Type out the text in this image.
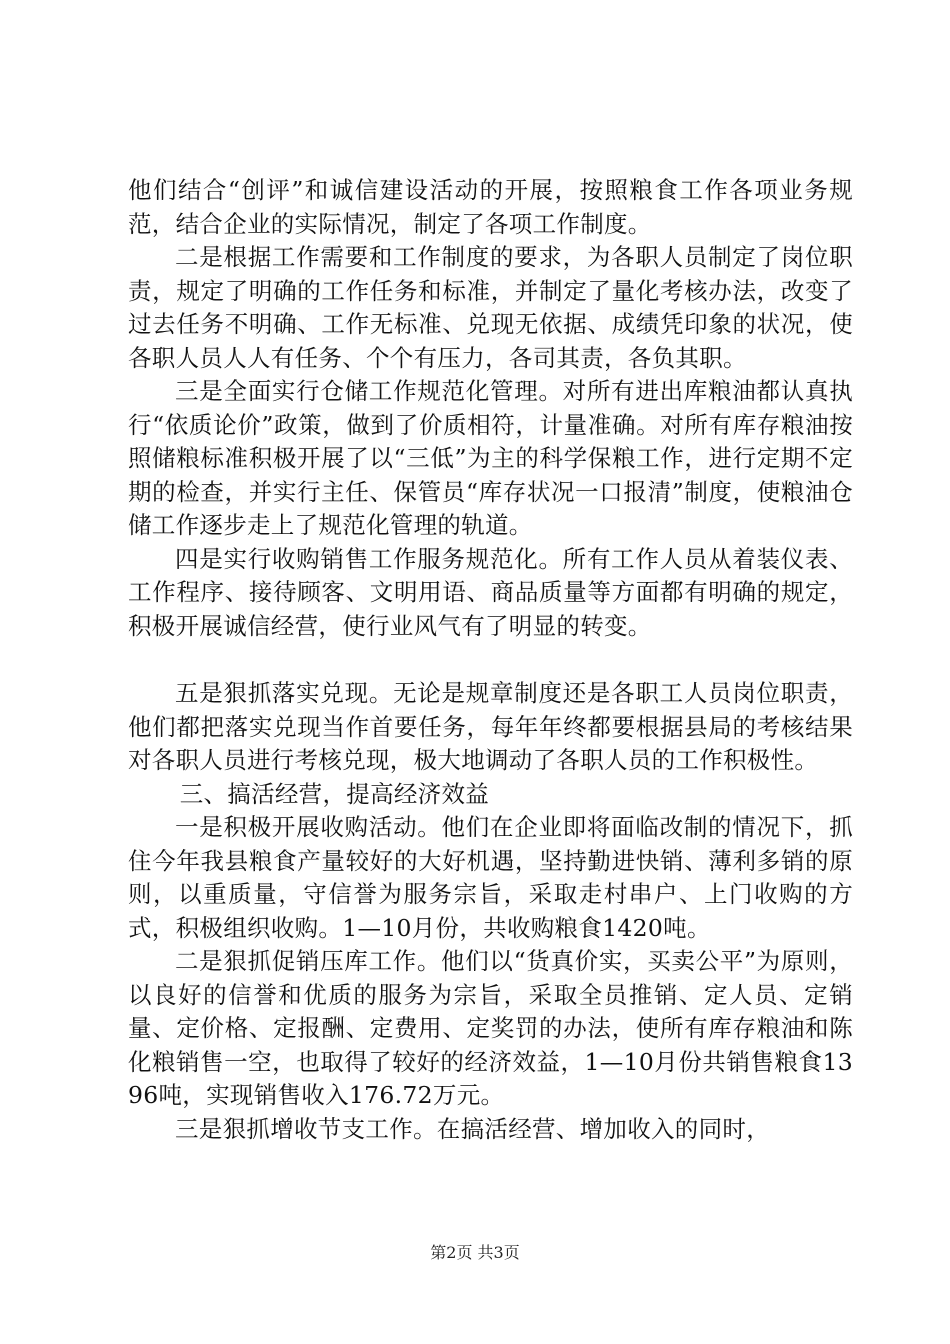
他们结合“创评”和诚信建设活动的开展，按照粮食工作各项业务规范，结合企业的实际情况，制定了各项工作制度。

二是根据工作需要和工作制度的要求，为各职人员制定了岗位职责，规定了明确的工作任务和标准，并制定了量化考核办法，改变了过去任务不明确、工作无标准、兑现无依据、成绩凭印象的状况，使各职人员人人有任务、个个有压力，各司其责，各负其职。

三是全面实行仓储工作规范化管理。对所有进出库粮油都认真执行“依质论价”政策，做到了价质相符，计量准确。对所有库存粮油按照储粮标准积极开展了以“三低”为主的科学保粮工作，进行定期不定期的检查，并实行主任、保管员“库存状况一口报清”制度，使粮油仓储工作逐步走上了规范化管理的轨道。

四是实行收购销售工作服务规范化。所有工作人员从着装仪表、工作程序、接待顾客、文明用语、商品质量等方面都有明确的规定，积极开展诚信经营，使行业风气有了明显的转变。

五是狠抓落实兑现。无论是规章制度还是各职工人员岗位职责，他们都把落实兑现当作首要任务，每年年终都要根据县局的考核结果对各职人员进行考核兑现，极大地调动了各职人员的工作积极性。

三、搞活经营，提高经济效益

一是积极开展收购活动。他们在企业即将面临改制的情况下，抓住今年我县粮食产量较好的大好机遇，坚持勤进快销、薄利多销的原则，以重质量，守信誉为服务宗旨，采取走村串户、上门收购的方式，积极组织收购。1—10月份，共收购粮食1420吨。

二是狠抓促销压库工作。他们以“货真价实，买卖公平”为原则，以良好的信誉和优质的服务为宗旨，采取全员推销、定人员、定销量、定价格、定报酬、定费用、定奖罚的办法，使所有库存粮油和陈化粮销售一空，也取得了较好的经济效益，1—10月份共销售粮食1396吨，实现销售收入176.72万元。

三是狠抓增收节支工作。在搞活经营、增加收入的同时，

第2页 共3页
